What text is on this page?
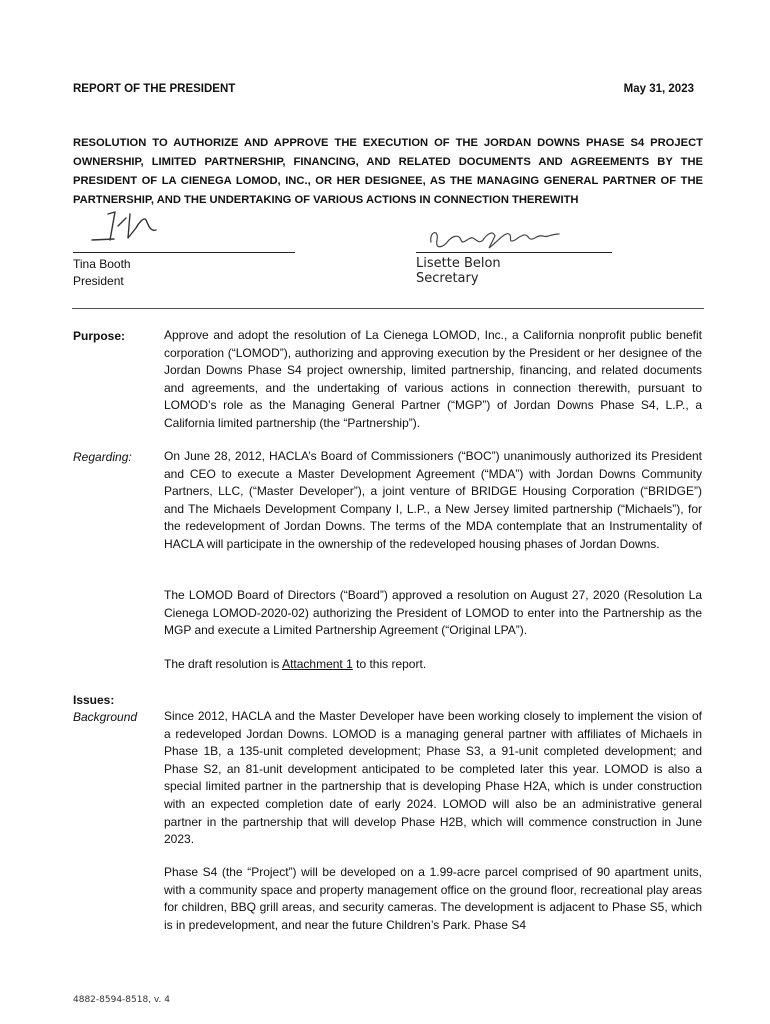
REPORT OF THE PRESIDENT	May 31, 2023
RESOLUTION TO AUTHORIZE AND APPROVE THE EXECUTION OF THE JORDAN DOWNS PHASE S4 PROJECT OWNERSHIP, LIMITED PARTNERSHIP, FINANCING, AND RELATED DOCUMENTS AND AGREEMENTS BY THE PRESIDENT OF LA CIENEGA LOMOD, INC., OR HER DESIGNEE, AS THE MANAGING GENERAL PARTNER OF THE PARTNERSHIP, AND THE UNDERTAKING OF VARIOUS ACTIONS IN CONNECTION THEREWITH
Tina Booth
President
Lisette Belon
Secretary
Purpose:	Approve and adopt the resolution of La Cienega LOMOD, Inc., a California nonprofit public benefit corporation (“LOMOD”), authorizing and approving execution by the President or her designee of the Jordan Downs Phase S4 project ownership, limited partnership, financing, and related documents and agreements, and the undertaking of various actions in connection therewith, pursuant to LOMOD’s role as the Managing General Partner (“MGP”) of Jordan Downs Phase S4, L.P., a California limited partnership (the “Partnership”).
Regarding:	On June 28, 2012, HACLA’s Board of Commissioners (“BOC”) unanimously authorized its President and CEO to execute a Master Development Agreement (“MDA”) with Jordan Downs Community Partners, LLC, (“Master Developer”), a joint venture of BRIDGE Housing Corporation (“BRIDGE”) and The Michaels Development Company I, L.P., a New Jersey limited partnership (“Michaels”), for the redevelopment of Jordan Downs. The terms of the MDA contemplate that an Instrumentality of HACLA will participate in the ownership of the redeveloped housing phases of Jordan Downs.
The LOMOD Board of Directors (“Board”) approved a resolution on August 27, 2020 (Resolution La Cienega LOMOD-2020-02) authorizing the President of LOMOD to enter into the Partnership as the MGP and execute a Limited Partnership Agreement (“Original LPA”).
The draft resolution is Attachment 1 to this report.
Issues:
Background Since 2012, HACLA and the Master Developer have been working closely to implement the vision of a redeveloped Jordan Downs. LOMOD is a managing general partner with affiliates of Michaels in Phase 1B, a 135-unit completed development; Phase S3, a 91-unit completed development; and Phase S2, an 81-unit development anticipated to be completed later this year. LOMOD is also a special limited partner in the partnership that is developing Phase H2A, which is under construction with an expected completion date of early 2024. LOMOD will also be an administrative general partner in the partnership that will develop Phase H2B, which will commence construction in June 2023.
Phase S4 (the “Project”) will be developed on a 1.99-acre parcel comprised of 90 apartment units, with a community space and property management office on the ground floor, recreational play areas for children, BBQ grill areas, and security cameras. The development is adjacent to Phase S5, which is in predevelopment, and near the future Children’s Park. Phase S4
4882-8594-8518, v. 4
